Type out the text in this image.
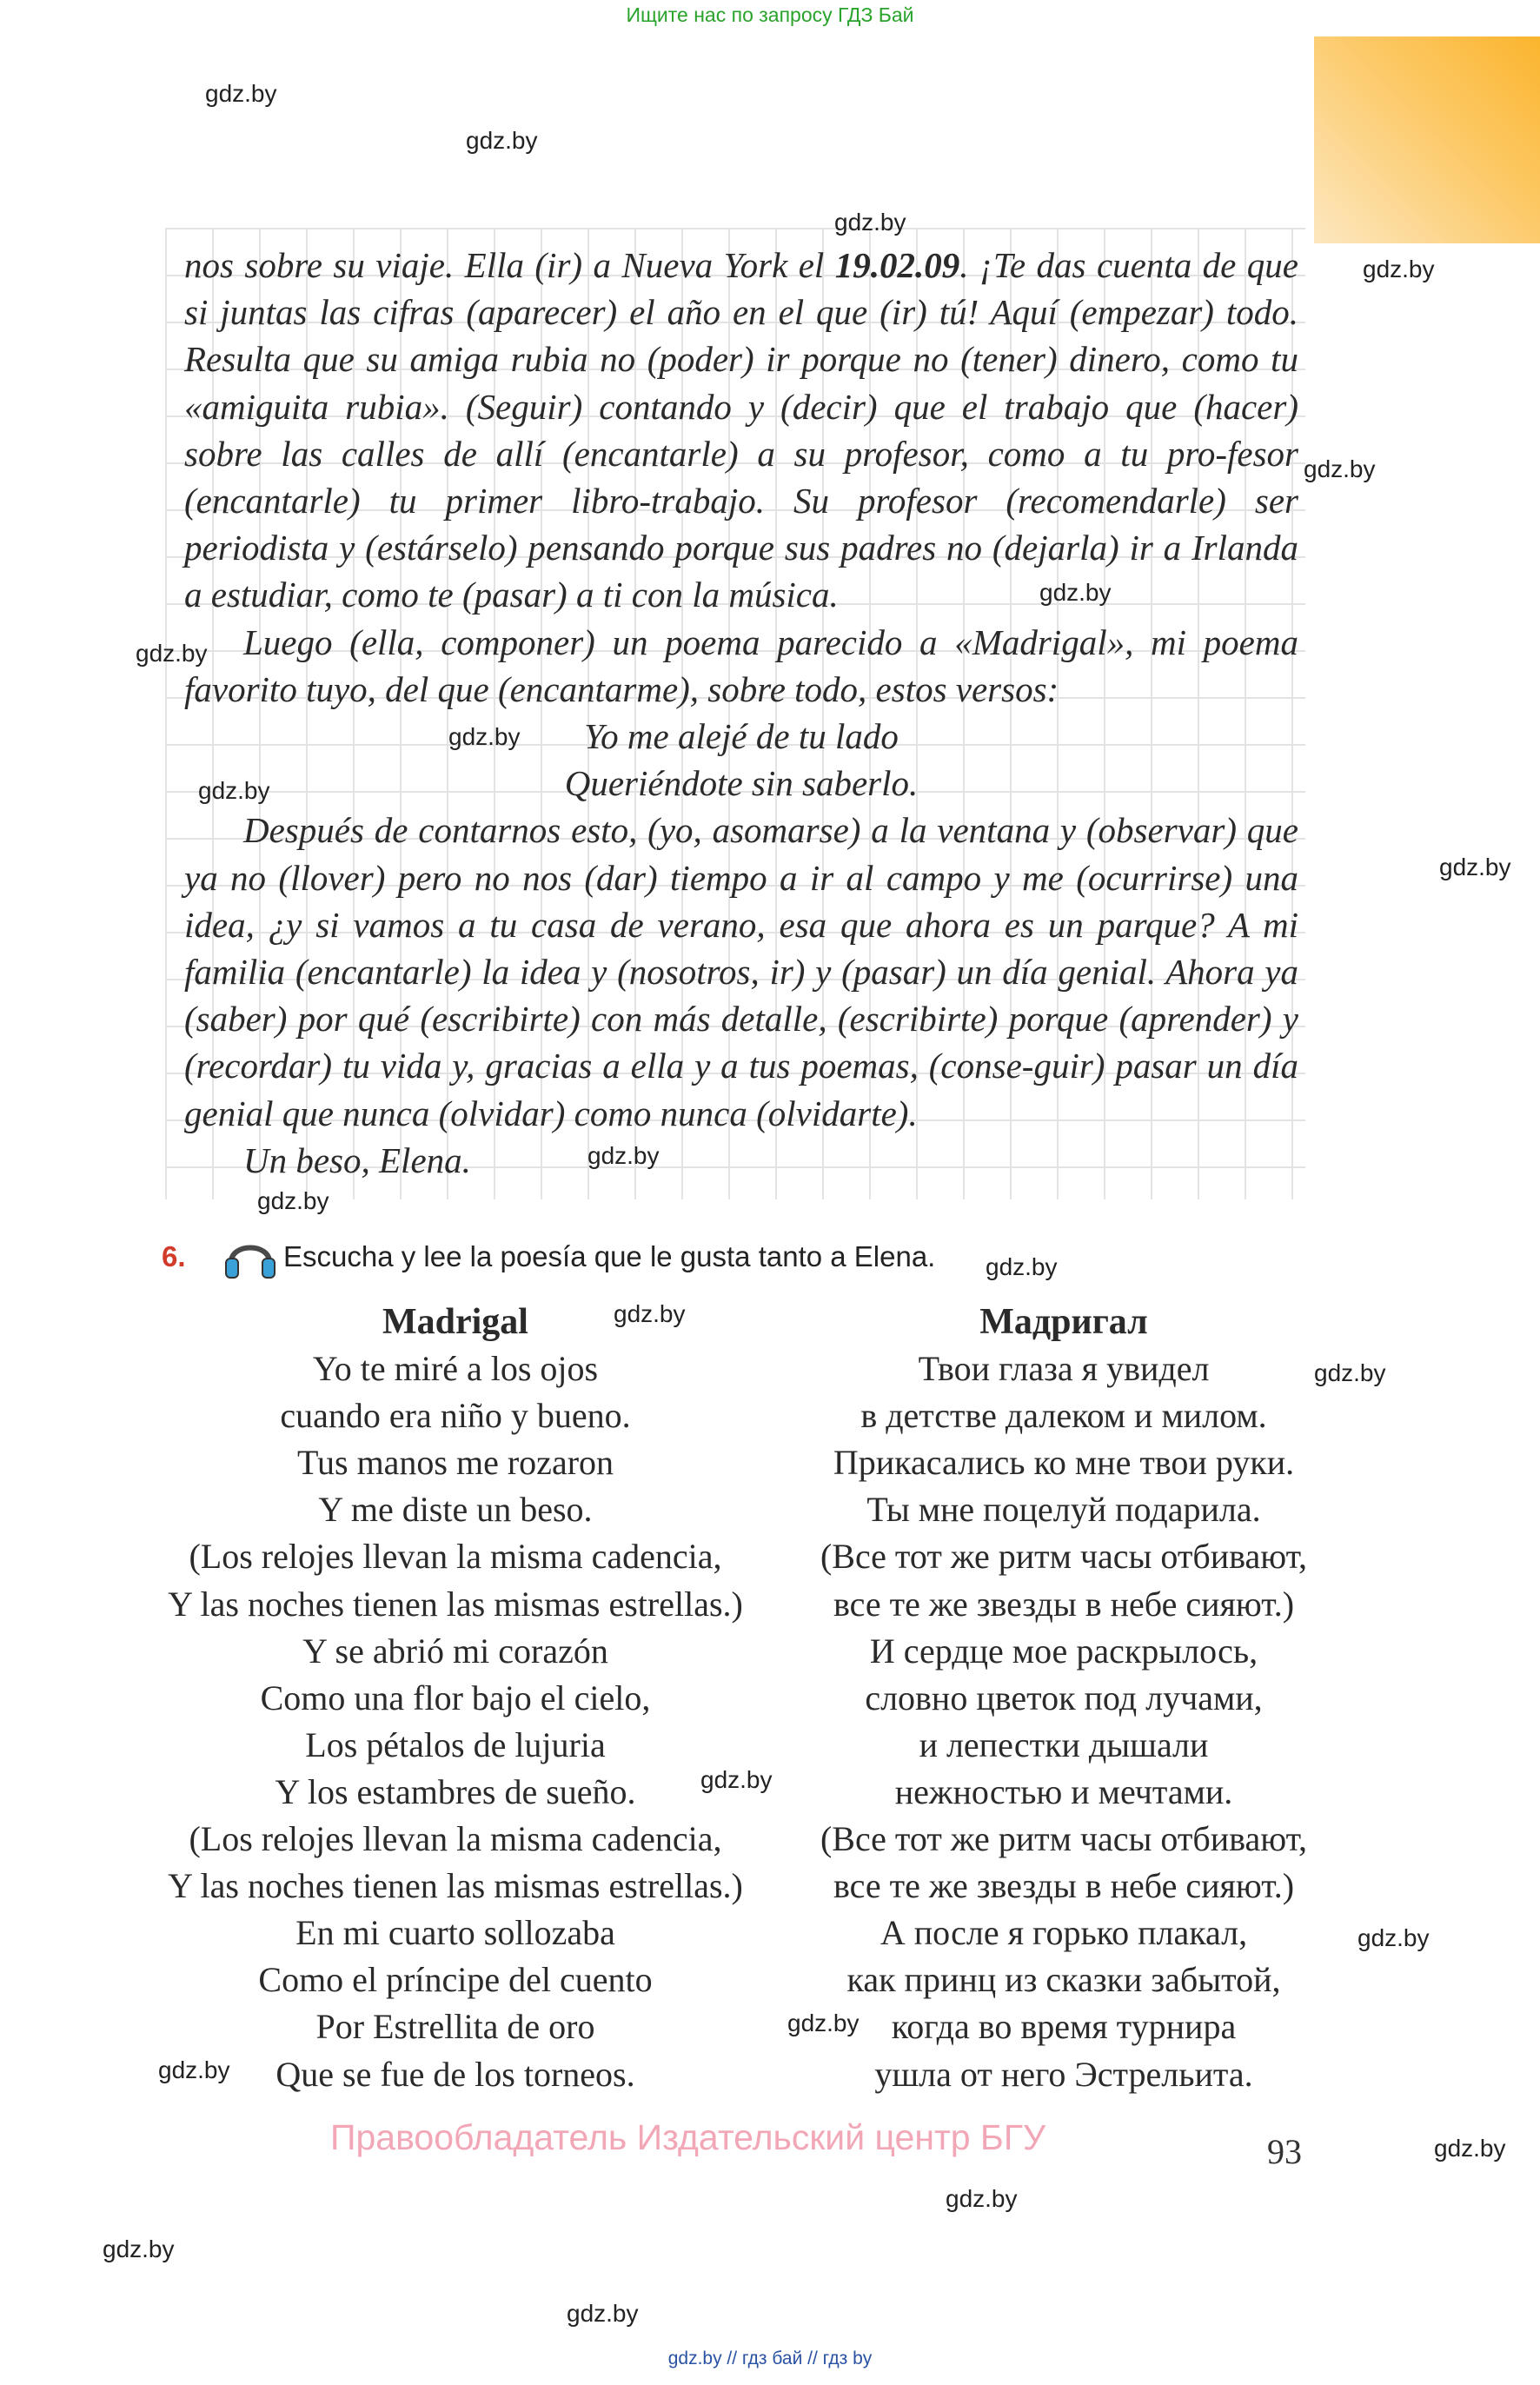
Ищите нас по запросу ГДЗ Бай

nos sobre su viaje. Ella (ir) a Nueva York el 19.02.09. ¡Te das cuenta de que si juntas las cifras (aparecer) el año en el que (ir) tú! Aquí (empezar) todo. Resulta que su amiga rubia no (poder) ir porque no (tener) dinero, como tu «amiguita rubia». (Seguir) contando y (decir) que el trabajo que (hacer) sobre las calles de allí (encantarle) a su profesor, como a tu pro-fesor (encantarle) tu primer libro-trabajo. Su profesor (recomendarle) ser periodista y (estárselo) pensando porque sus padres no (dejarla) ir a Irlanda a estudiar, como te (pasar) a ti con la música.

Luego (ella, componer) un poema parecido a «Madrigal», mi poema favorito tuyo, del que (encantarme), sobre todo, estos versos:

Yo me alejé de tu lado
Queriéndote sin saberlo.

Después de contarnos esto, (yo, asomarse) a la ventana y (observar) que ya no (llover) pero no nos (dar) tiempo a ir al campo y me (ocurrirse) una idea, ¿y si vamos a tu casa de verano, esa que ahora es un parque? A mi familia (encantarle) la idea y (nosotros, ir) y (pasar) un día genial. Ahora ya (saber) por qué (escribirte) con más detalle, (escribirte) porque (aprender) y (recordar) tu vida y, gracias a ella y a tus poemas, (conse-guir) pasar un día genial que nunca (olvidar) como nunca (olvidarte).

Un beso, Elena.

6.	Escucha y lee la poesía que le gusta tanto a Elena.
Madrigal
Yo te miré a los ojos
cuando era niño y bueno.
Tus manos me rozaron
Y me diste un beso.
(Los relojes llevan la misma cadencia,
Y las noches tienen las mismas estrellas.)
Y se abrió mi corazón
Como una flor bajo el cielo,
Los pétalos de lujuria
Y los estambres de sueño.
(Los relojes llevan la misma cadencia,
Y las noches tienen las mismas estrellas.)
En mi cuarto sollozaba
Como el príncipe del cuento
Por Estrellita de oro
Que se fue de los torneos.
Мадригал
Твои глаза я увидел
в детстве далеком и милом.
Прикасались ко мне твои руки.
Ты мне поцелуй подарила.
(Все тот же ритм часы отбивают,
все те же звезды в небе сияют.)
И сердце мое раскрылось,
словно цветок под лучами,
и лепестки дышали
нежностью и мечтами.
(Все тот же ритм часы отбивают,
все те же звезды в небе сияют.)
А после я горько плакал,
как принц из сказки забытой,
когда во время турнира
ушла от него Эстрельита.
Правообладатель Издательский центр БГУ	93
gdz.by
gdz.by
gdz.by
gdz.by
gdz.by
gdz.by
gdz.by
gdz.by
gdz.by
gdz.by
gdz.by
gdz.by
gdz.by
gdz.by
gdz.by
gdz.by
gdz.by
gdz.by
gdz.by
gdz.by
gdz.by
gdz.by
gdz.by
gdz.by // гдз бай // гдз by
